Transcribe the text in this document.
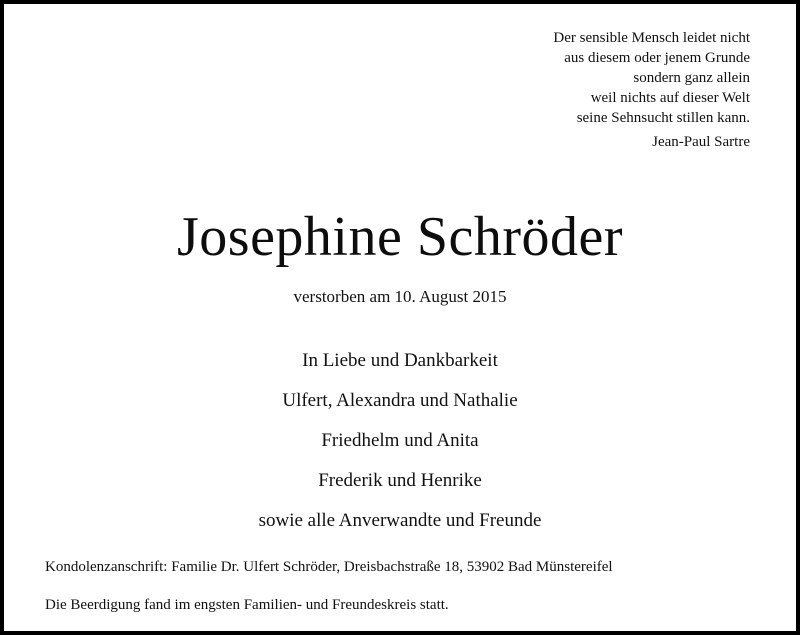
Der sensible Mensch leidet nicht
aus diesem oder jenem Grunde
sondern ganz allein
weil nichts auf dieser Welt
seine Sehnsucht stillen kann.
Jean-Paul Sartre
Josephine Schröder
verstorben am 10. August 2015
In Liebe und Dankbarkeit
Ulfert, Alexandra und Nathalie
Friedhelm und Anita
Frederik und Henrike
sowie alle Anverwandte und Freunde
Kondolenzanschrift: Familie Dr. Ulfert Schröder, Dreisbachstraße 18, 53902 Bad Münstereifel
Die Beerdigung fand im engsten Familien- und Freundeskreis statt.
